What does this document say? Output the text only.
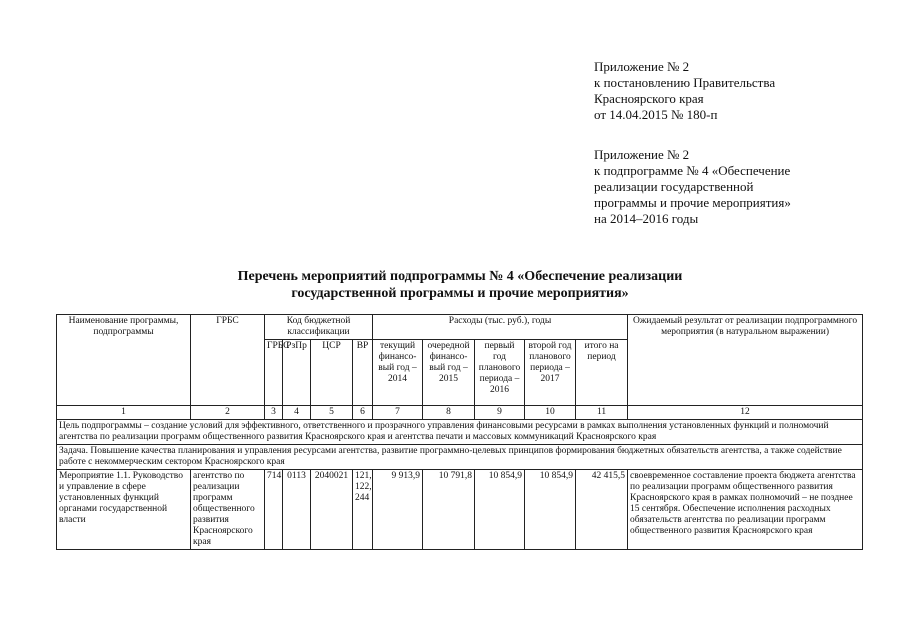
Приложение № 2
к постановлению Правительства
Красноярского края
от 14.04.2015 № 180-п
Приложение № 2
к подпрограмме № 4 «Обеспечение
реализации государственной
программы и прочие мероприятия»
на 2014–2016 годы
Перечень мероприятий подпрограммы № 4 «Обеспечение реализации
государственной программы и прочие мероприятия»
Наименование программы, подпрограммы	ГРБС	Код бюджетной классификации				Расходы (тыс. руб.), годы					Ожидаемый результат от реализации подпрограммного мероприятия (в натуральном выражении)
		ГРБС	РзПр	ЦСР	ВР	текущий финансо-вый год – 2014	очередной финансо-вый год – 2015	первый год планового периода – 2016	второй год планового периода – 2017	итого на период	
1	2	3	4	5	6	7	8	9	10	11	12
Цель подпрограммы – создание условий для эффективного, ответственного и прозрачного управления финансовыми ресурсами в рамках выполнения установленных функций и полномочий агентства по реализации программ общественного развития Красноярского края и агентства печати и массовых коммуникаций Красноярского края											
Задача. Повышение качества планирования и управления ресурсами агентства, развитие программно-целевых принципов формирования бюджетных обязательств агентства, а также содействие работе с некоммерческим сектором Красноярского края											
Мероприятие 1.1. Руководство и управление в сфере установленных функций органами государственной власти	агентство по реализации программ общественного развития Красноярского края	714	0113	2040021	121, 122, 244	9 913,9	10 791,8	10 854,9	10 854,9	42 415,5	своевременное составление проекта бюджета агентства по реализации программ общественного развития Красноярского края в рамках полномочий – не позднее 15 сентября. Обеспечение исполнения расходных обязательств агентства по реализации программ общественного развития Красноярского края
